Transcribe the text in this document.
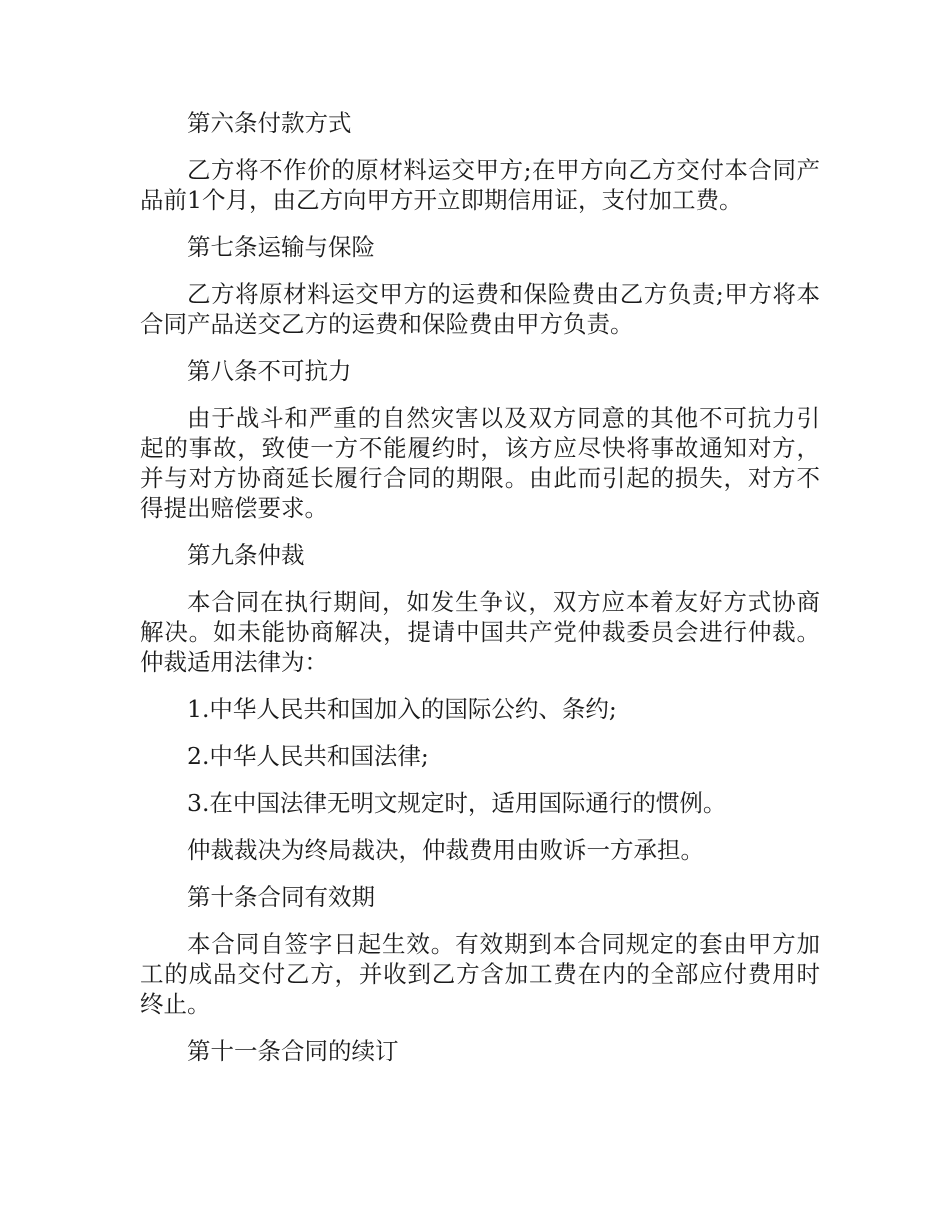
第六条付款方式

乙方将不作价的原材料运交甲方;在甲方向乙方交付本合同产品前1个月，由乙方向甲方开立即期信用证，支付加工费。

第七条运输与保险

乙方将原材料运交甲方的运费和保险费由乙方负责;甲方将本合同产品送交乙方的运费和保险费由甲方负责。

第八条不可抗力

由于战斗和严重的自然灾害以及双方同意的其他不可抗力引起的事故，致使一方不能履约时，该方应尽快将事故通知对方，并与对方协商延长履行合同的期限。由此而引起的损失，对方不得提出赔偿要求。

第九条仲裁

本合同在执行期间，如发生争议，双方应本着友好方式协商解决。如未能协商解决，提请中国共产党仲裁委员会进行仲裁。仲裁适用法律为：

1.中华人民共和国加入的国际公约、条约;

2.中华人民共和国法律;

3.在中国法律无明文规定时，适用国际通行的惯例。

仲裁裁决为终局裁决，仲裁费用由败诉一方承担。

第十条合同有效期

本合同自签字日起生效。有效期到本合同规定的套由甲方加工的成品交付乙方，并收到乙方含加工费在内的全部应付费用时终止。

第十一条合同的续订
